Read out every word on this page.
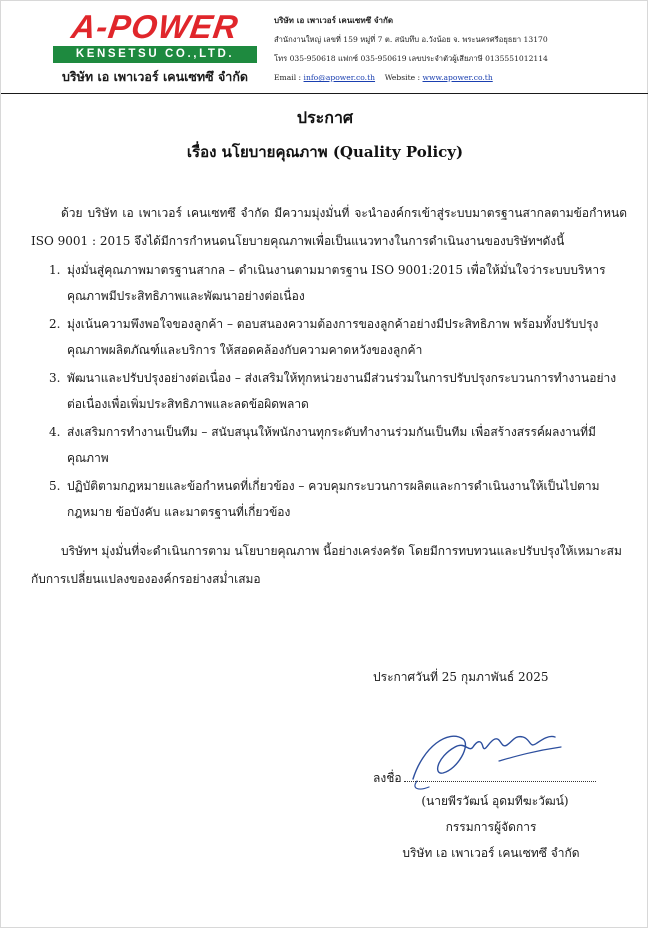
A-POWER
KENSETSU CO.,LTD.
บริษัท เอ เพาเวอร์ เคนเซทซึ จำกัด
บริษัท เอ เพาเวอร์ เคนเซทซึ จำกัด
สำนักงานใหญ่ เลขที่ 159 หมู่ที่ 7 ต. สนับทึบ อ.วังน้อย จ. พระนครศรีอยุธยา 13170
โทร 035-950618 แฟกซ์ 035-950619 เลขประจำตัวผู้เสียภาษี 0135551012114
Email : info@apower.co.th Website : www.apower.co.th
ประกาศ
เรื่อง นโยบายคุณภาพ (Quality Policy)
ด้วย บริษัท เอ เพาเวอร์ เคนเซทซึ จำกัด มีความมุ่งมั่นที่ จะนำองค์กรเข้าสู่ระบบมาตรฐานสากลตามข้อกำหนด ISO 9001 : 2015 จึงได้มีการกำหนดนโยบายคุณภาพเพื่อเป็นแนวทางในการดำเนินงานของบริษัทฯดังนี้
1. มุ่งมั่นสู่คุณภาพมาตรฐานสากล – ดำเนินงานตามมาตรฐาน ISO 9001:2015 เพื่อให้มั่นใจว่าระบบบริหารคุณภาพมีประสิทธิภาพและพัฒนาอย่างต่อเนื่อง
2. มุ่งเน้นความพึงพอใจของลูกค้า – ตอบสนองความต้องการของลูกค้าอย่างมีประสิทธิภาพ พร้อมทั้งปรับปรุงคุณภาพผลิตภัณฑ์และบริการ ให้สอดคล้องกับความคาดหวังของลูกค้า
3. พัฒนาและปรับปรุงอย่างต่อเนื่อง – ส่งเสริมให้ทุกหน่วยงานมีส่วนร่วมในการปรับปรุงกระบวนการทำงานอย่างต่อเนื่องเพื่อเพิ่มประสิทธิภาพและลดข้อผิดพลาด
4. ส่งเสริมการทำงานเป็นทีม – สนับสนุนให้พนักงานทุกระดับทำงานร่วมกันเป็นทีม เพื่อสร้างสรรค์ผลงานที่มีคุณภาพ
5. ปฏิบัติตามกฎหมายและข้อกำหนดที่เกี่ยวข้อง – ควบคุมกระบวนการผลิตและการดำเนินงานให้เป็นไปตามกฎหมาย ข้อบังคับ และมาตรฐานที่เกี่ยวข้อง
บริษัทฯ มุ่งมั่นที่จะดำเนินการตาม นโยบายคุณภาพ นี้อย่างเคร่งครัด โดยมีการทบทวนและปรับปรุงให้เหมาะสมกับการเปลี่ยนแปลงขององค์กรอย่างสม่ำเสมอ
ประกาศวันที่ 25 กุมภาพันธ์ 2025
ลงชื่อ
(นายพีรวัฒน์ อุดมทีฆะวัฒน์)
กรรมการผู้จัดการ
บริษัท เอ เพาเวอร์ เคนเซทซึ จำกัด
